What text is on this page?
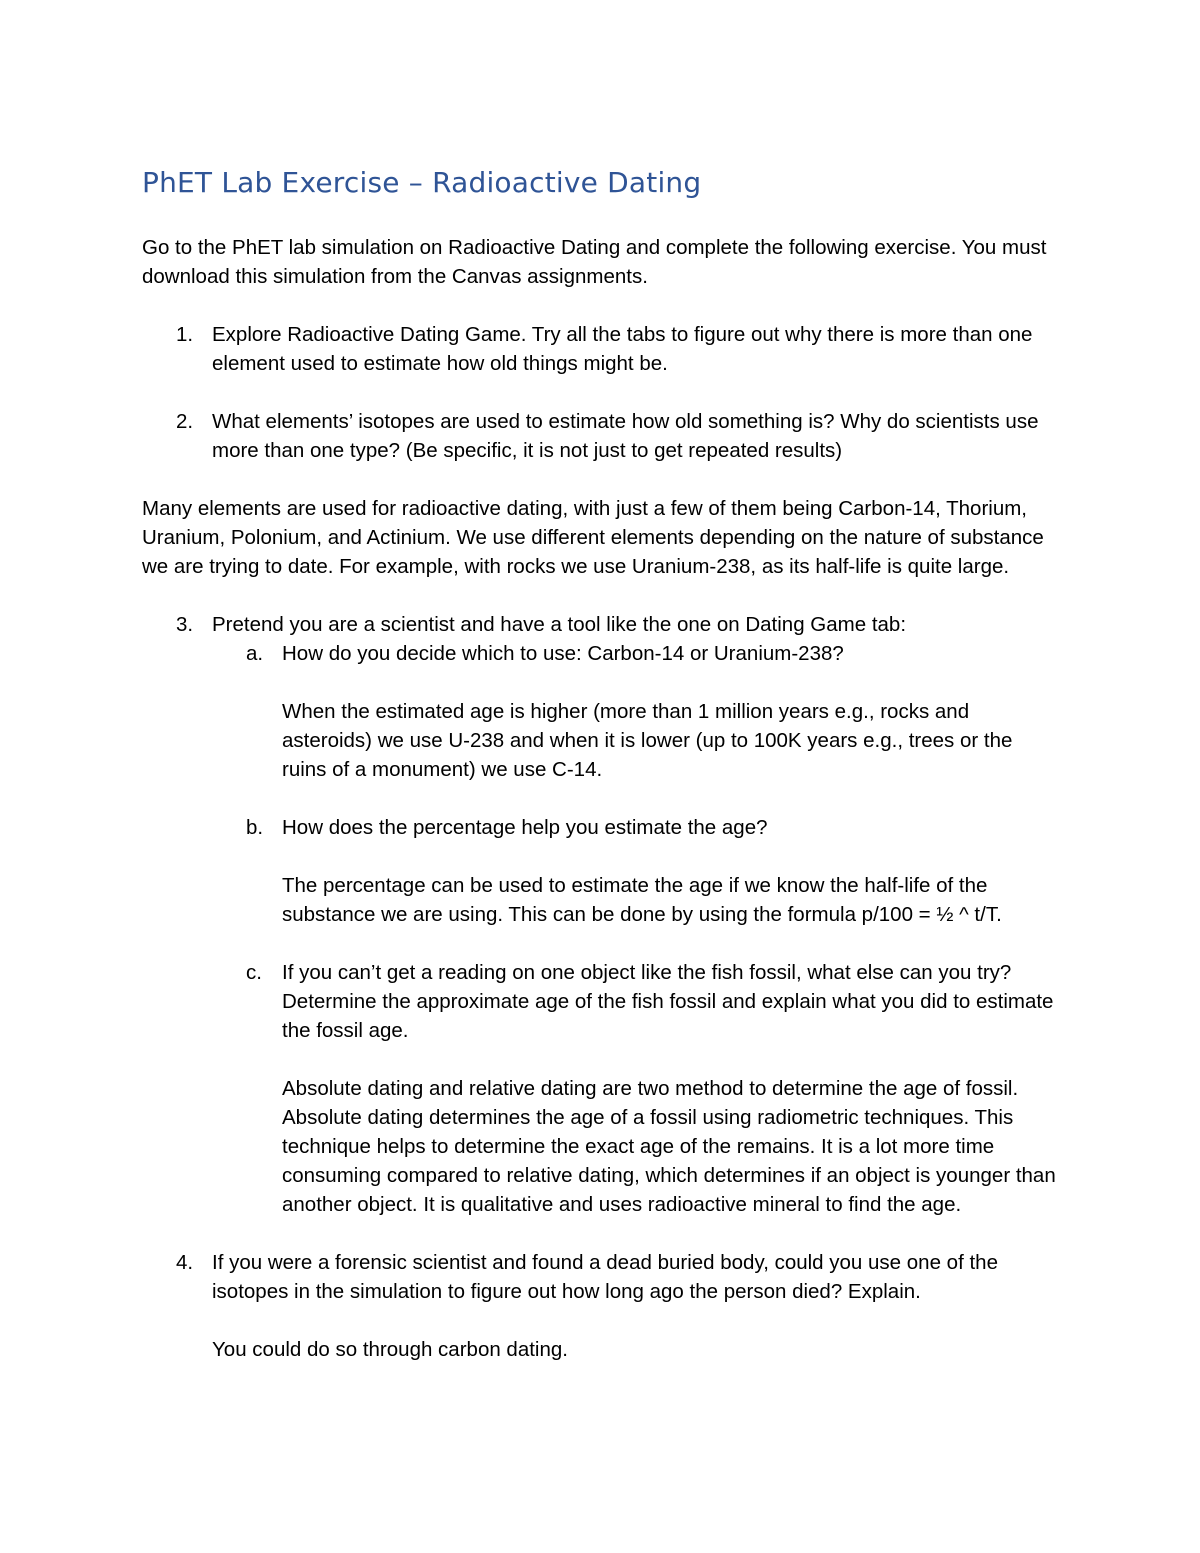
PhET Lab Exercise – Radioactive Dating

Go to the PhET lab simulation on Radioactive Dating and complete the following exercise. You must download this simulation from the Canvas assignments.

1. Explore Radioactive Dating Game. Try all the tabs to figure out why there is more than one element used to estimate how old things might be.
2. What elements’ isotopes are used to estimate how old something is? Why do scientists use more than one type? (Be specific, it is not just to get repeated results)

Many elements are used for radioactive dating, with just a few of them being Carbon-14, Thorium, Uranium, Polonium, and Actinium. We use different elements depending on the nature of substance we are trying to date. For example, with rocks we use Uranium-238, as its half-life is quite large.

3. Pretend you are a scientist and have a tool like the one on Dating Game tab:
a. How do you decide which to use: Carbon-14 or Uranium-238?
When the estimated age is higher (more than 1 million years e.g., rocks and asteroids) we use U-238 and when it is lower (up to 100K years e.g., trees or the ruins of a monument) we use C-14.
b. How does the percentage help you estimate the age?
The percentage can be used to estimate the age if we know the half-life of the substance we are using. This can be done by using the formula p/100 = ½ ^ t/T.
c. If you can’t get a reading on one object like the fish fossil, what else can you try? Determine the approximate age of the fish fossil and explain what you did to estimate the fossil age.
Absolute dating and relative dating are two method to determine the age of fossil. Absolute dating determines the age of a fossil using radiometric techniques. This technique helps to determine the exact age of the remains. It is a lot more time consuming compared to relative dating, which determines if an object is younger than another object. It is qualitative and uses radioactive mineral to find the age.
4. If you were a forensic scientist and found a dead buried body, could you use one of the isotopes in the simulation to figure out how long ago the person died? Explain.
You could do so through carbon dating.
